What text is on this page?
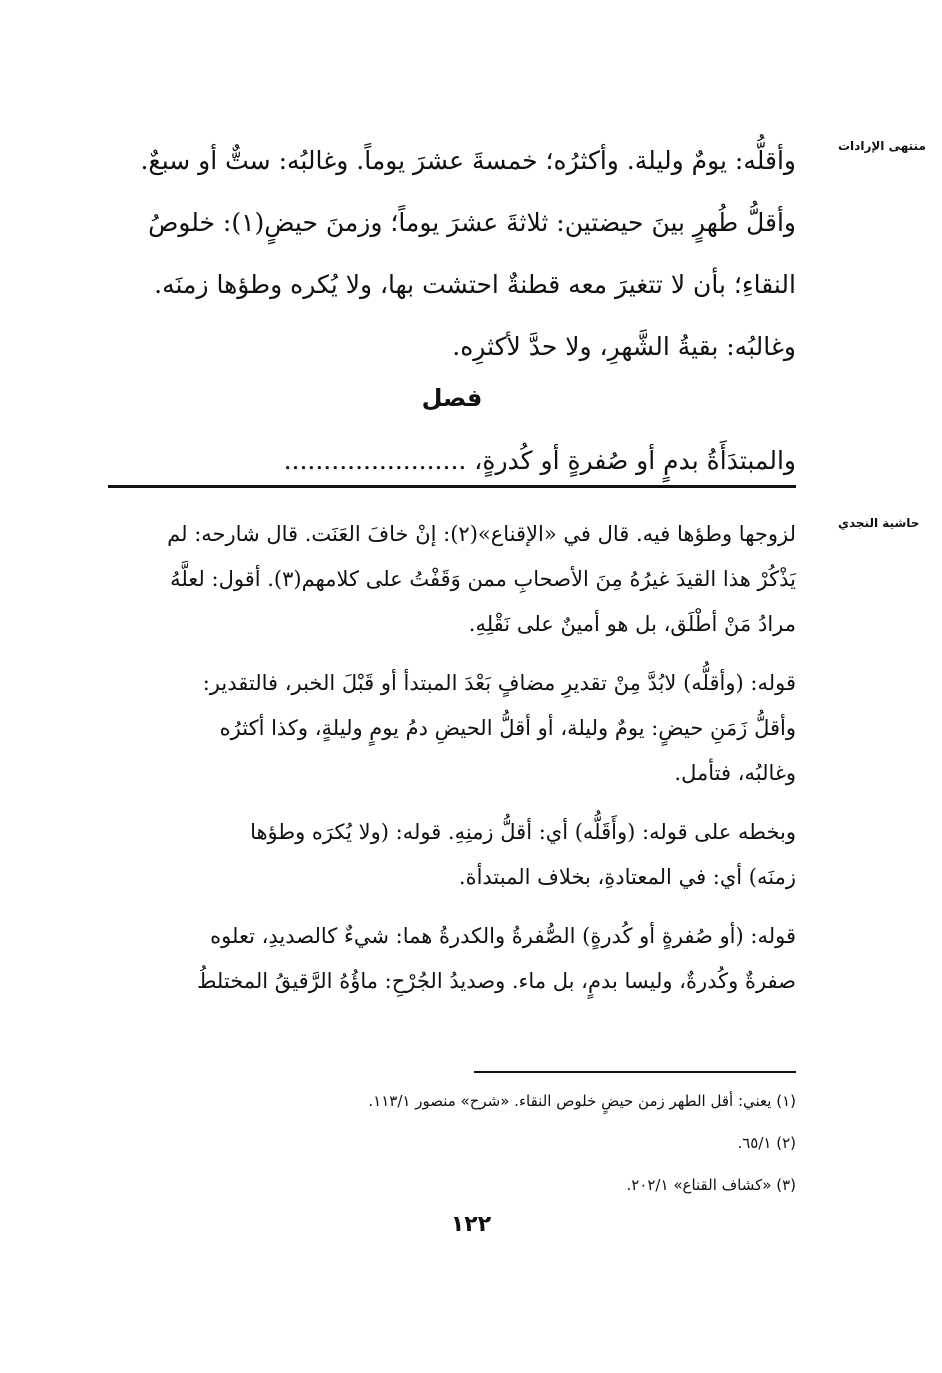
منتهى الإرادات
حاشية النجدي
وأقلُّه: يومٌ وليلة. وأكثرُه؛ خمسةَ عشرَ يوماً. وغالبُه: ستٌّ أو سبعٌ.
وأقلُّ طُهرٍ بينَ حيضتين: ثلاثةَ عشرَ يوماً؛ وزمنَ حيضٍ(١): خلوصُ
النقاءِ؛ بأن لا تتغيرَ معه قطنةٌ احتشت بها، ولا يُكره وطؤها زمنَه.
وغالبُه: بقيةُ الشَّهرِ، ولا حدَّ لأكثرِه.
فصل
والمبتدَأَةُ بدمٍ أو صُفرةٍ أو كُدرةٍ، .......................
لزوجها وطؤها فيه. قال في «الإقناع»(٢): إنْ خافَ العَنَت. قال شارحه: لم
يَذْكُرْ هذا القيدَ غيرُهُ مِنَ الأصحابِ ممن وَقَفْتُ على كلامهم(٣). أقول: لعلَّهُ
مرادُ مَنْ أطْلَق، بل هو أمينٌ على نَقْلِهِ.
قوله: (وأقلُّه) لابُدَّ مِنْ تقديرِ مضافٍ بَعْدَ المبتدأ أو قَبْلَ الخبر، فالتقدير:
وأقلُّ زَمَنِ حيضٍ: يومٌ وليلة، أو أقلُّ الحيضِ دمُ يومٍ وليلةٍ، وكذا أكثرُه
وغالبُه، فتأمل.
وبخطه على قوله: (وأَقَلُّه) أي: أقلُّ زمنِهِ. قوله: (ولا يُكرَه وطؤها
زمنَه) أي: في المعتادةِ، بخلاف المبتدأة.
قوله: (أو صُفرةٍ أو كُدرةٍ) الصُّفرةُ والكدرةُ هما: شيءٌ كالصديدِ، تعلوه
صفرةٌ وكُدرةٌ، وليسا بدمٍ، بل ماء. وصديدُ الجُرْحِ: ماؤُهُ الرَّقيقُ المختلطُ
(١) يعني: أقل الطهر زمن حيضٍ خلوص النقاء. «شرح» منصور ١١٣/١.
(٢) ٦٥/١.
(٣) «كشاف القناع» ٢٠٢/١.
١٢٢
